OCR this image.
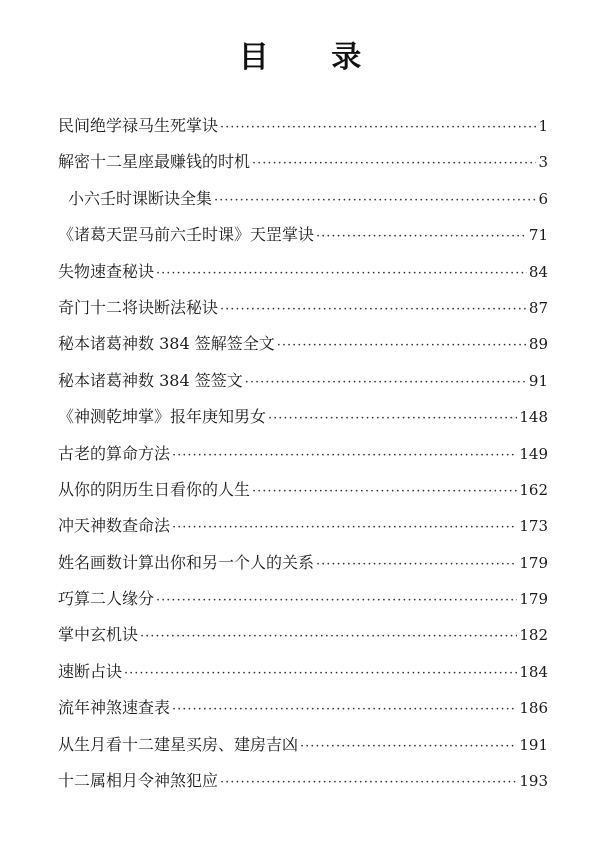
目 录
民间绝学禄马生死掌诀 ·····	1
解密十二星座最赚钱的时机 ·····	3
小六壬时课断诀全集 ·····	6
《诸葛天罡马前六壬时课》天罡掌诀 ·····	71
失物速查秘诀 ·····	84
奇门十二将诀断法秘诀 ·····	87
秘本诸葛神数 384 签解签全文 ·····	89
秘本诸葛神数 384 签签文 ·····	91
《神测乾坤掌》报年庚知男女 ·····	148
古老的算命方法 ·····	149
从你的阴历生日看你的人生 ·····	162
冲天神数查命法 ·····	173
姓名画数计算出你和另一个人的关系 ·····	179
巧算二人缘分 ·····	179
掌中玄机诀 ·····	182
速断占诀 ·····	184
流年神煞速查表 ·····	186
从生月看十二建星买房、建房吉凶 ·····	191
十二属相月令神煞犯应 ·····	193
